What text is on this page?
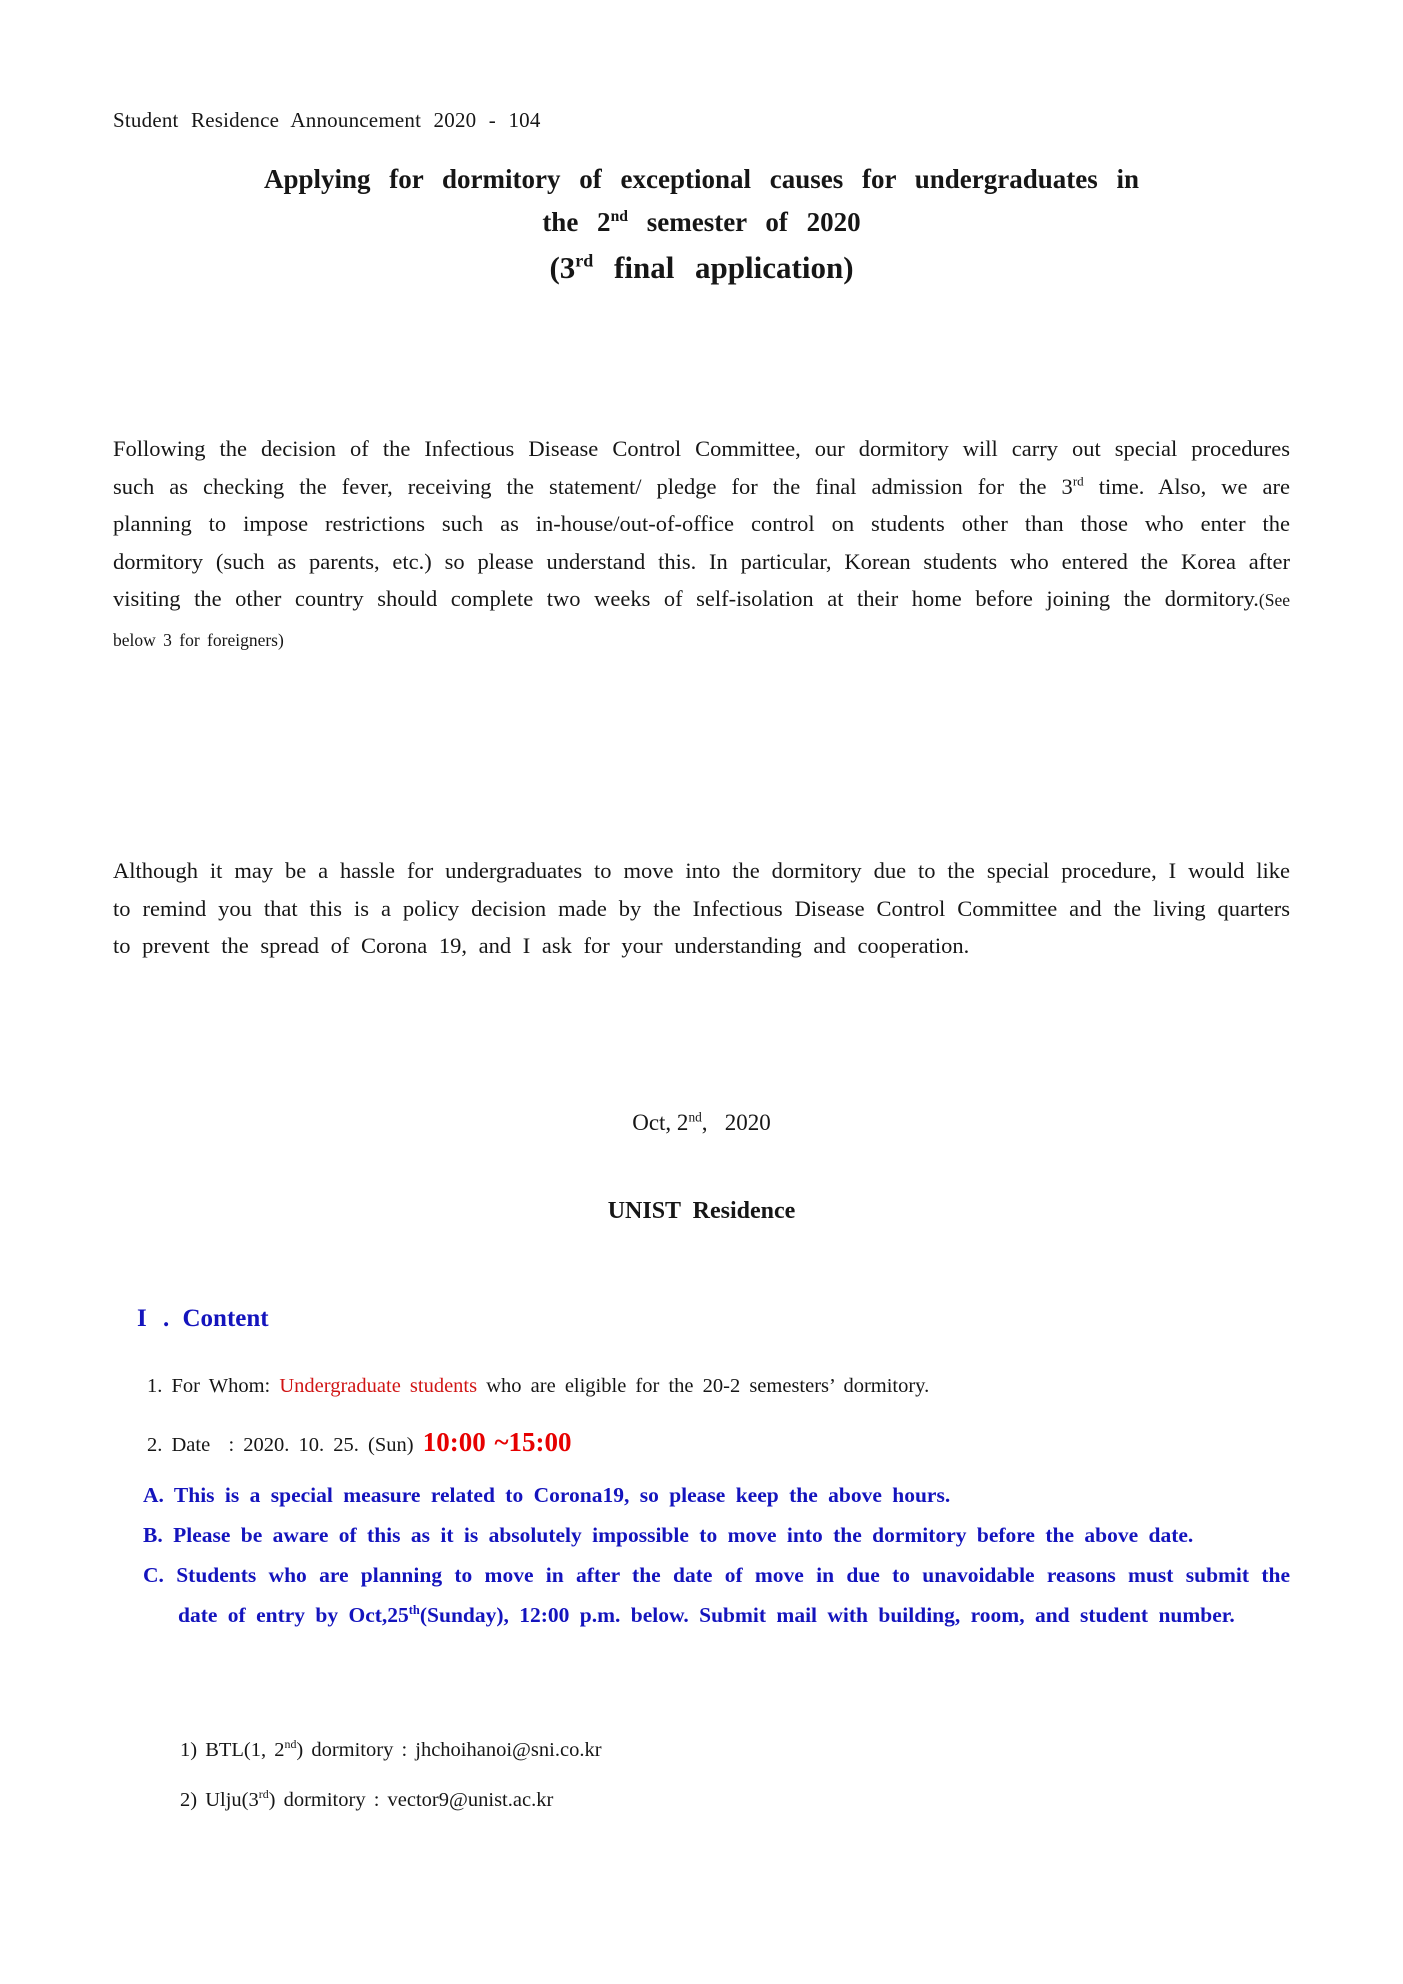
Student Residence Announcement 2020 - 104
Applying for dormitory of exceptional causes for undergraduates in
the 2nd semester of 2020
(3rd final application)

Following the decision of the Infectious Disease Control Committee, our dormitory will carry out special procedures such as checking the fever, receiving the statement/ pledge for the final admission for the 3rd time. Also, we are planning to impose restrictions such as in-house/out-of-office control on students other than those who enter the dormitory (such as parents, etc.) so please understand this. In particular, Korean students who entered the Korea after visiting the other country should complete two weeks of self-isolation at their home before joining the dormitory.(See below 3 for foreigners)

Although it may be a hassle for undergraduates to move into the dormitory due to the special procedure, I would like to remind you that this is a policy decision made by the Infectious Disease Control Committee and the living quarters to prevent the spread of Corona 19, and I ask for your understanding and cooperation.

Oct, 2nd,   2020
UNIST Residence
I . Content
1. For Whom: Undergraduate students who are eligible for the 20-2 semesters’ dormitory.
2. Date  : 2020. 10. 25. (Sun) 10:00 ~15:00
A. This is a special measure related to Corona19, so please keep the above hours.
B. Please be aware of this as it is absolutely impossible to move into the dormitory before the above date.
C. Students who are planning to move in after the date of move in due to unavoidable reasons must submit the date of entry by Oct,25th(Sunday), 12:00 p.m. below. Submit mail with building, room, and student number.
1) BTL(1, 2nd) dormitory : jhchoihanoi@sni.co.kr
2) Ulju(3rd) dormitory : vector9@unist.ac.kr
